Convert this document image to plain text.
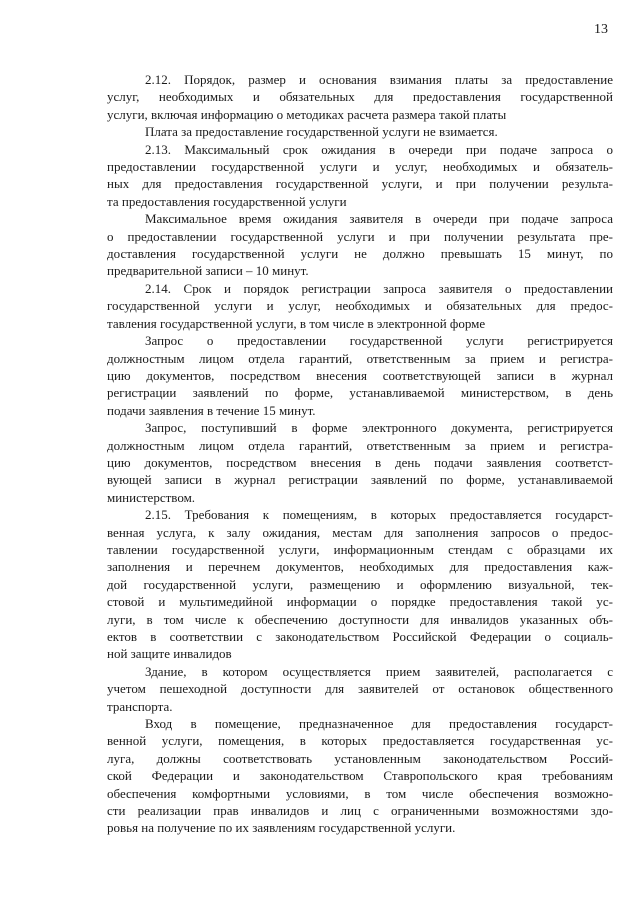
13
2.12. Порядок, размер и основания взимания платы за предоставление
услуг, необходимых и обязательных для предоставления государственной
услуги, включая информацию о методиках расчета размера такой платы
Плата за предоставление государственной услуги не взимается.
2.13. Максимальный срок ожидания в очереди при подаче запроса о
предоставлении государственной услуги и услуг, необходимых и обязатель-
ных для предоставления государственной услуги, и при получении результа-
та предоставления государственной услуги
Максимальное время ожидания заявителя в очереди при подаче запроса
о предоставлении государственной услуги и при получении результата пре-
доставления государственной услуги не должно превышать 15 минут, по
предварительной записи – 10 минут.
2.14. Срок и порядок регистрации запроса заявителя о предоставлении
государственной услуги и услуг, необходимых и обязательных для предос-
тавления государственной услуги, в том числе в электронной форме
Запрос о предоставлении государственной услуги регистрируется
должностным лицом отдела гарантий, ответственным за прием и регистра-
цию документов, посредством внесения соответствующей записи в журнал
регистрации заявлений по форме, устанавливаемой министерством, в день
подачи заявления в течение 15 минут.
Запрос, поступивший в форме электронного документа, регистрируется
должностным лицом отдела гарантий, ответственным за прием и регистра-
цию документов, посредством внесения в день подачи заявления соответст-
вующей записи в журнал регистрации заявлений по форме, устанавливаемой
министерством.
2.15. Требования к помещениям, в которых предоставляется государст-
венная услуга, к залу ожидания, местам для заполнения запросов о предос-
тавлении государственной услуги, информационным стендам с образцами их
заполнения и перечнем документов, необходимых для предоставления каж-
дой государственной услуги, размещению и оформлению визуальной, тек-
стовой и мультимедийной информации о порядке предоставления такой ус-
луги, в том числе к обеспечению доступности для инвалидов указанных объ-
ектов в соответствии с законодательством Российской Федерации о социаль-
ной защите инвалидов
Здание, в котором осуществляется прием заявителей, располагается с
учетом пешеходной доступности для заявителей от остановок общественного
транспорта.
Вход в помещение, предназначенное для предоставления государст-
венной услуги, помещения, в которых предоставляется государственная ус-
луга, должны соответствовать установленным законодательством Россий-
ской Федерации и законодательством Ставропольского края требованиям
обеспечения комфортными условиями, в том числе обеспечения возможно-
сти реализации прав инвалидов и лиц с ограниченными возможностями здо-
ровья на получение по их заявлениям государственной услуги.
